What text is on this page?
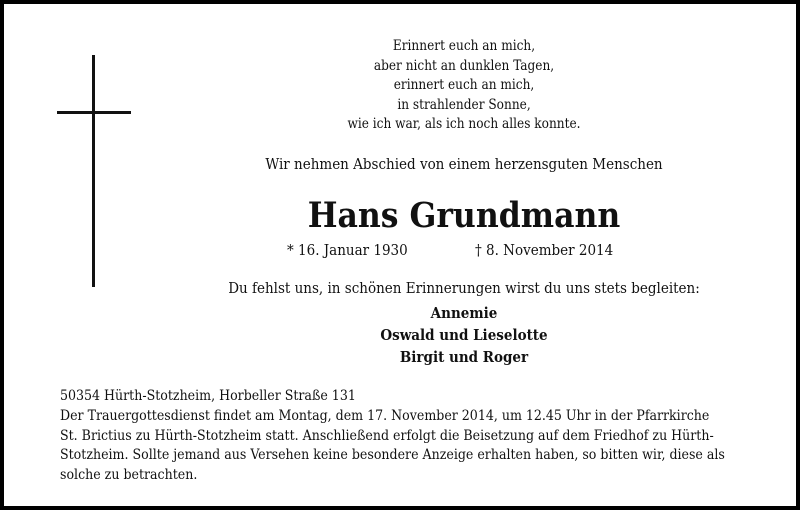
Erinnert euch an mich,
aber nicht an dunklen Tagen,
erinnert euch an mich,
in strahlender Sonne,
wie ich war, als ich noch alles konnte.
Wir nehmen Abschied von einem herzensguten Menschen
Hans Grundmann
* 16. Januar 1930	† 8. November 2014
Du fehlst uns, in schönen Erinnerungen wirst du uns stets begleiten:
Annemie
Oswald und Lieselotte
Birgit und Roger
50354 Hürth-Stotzheim, Horbeller Straße 131
Der Trauergottesdienst findet am Montag, dem 17. November 2014, um 12.45 Uhr in der Pfarrkirche
St. Brictius zu Hürth-Stotzheim statt. Anschließend erfolgt die Beisetzung auf dem Friedhof zu Hürth-
Stotzheim. Sollte jemand aus Versehen keine besondere Anzeige erhalten haben, so bitten wir, diese als
solche zu betrachten.
